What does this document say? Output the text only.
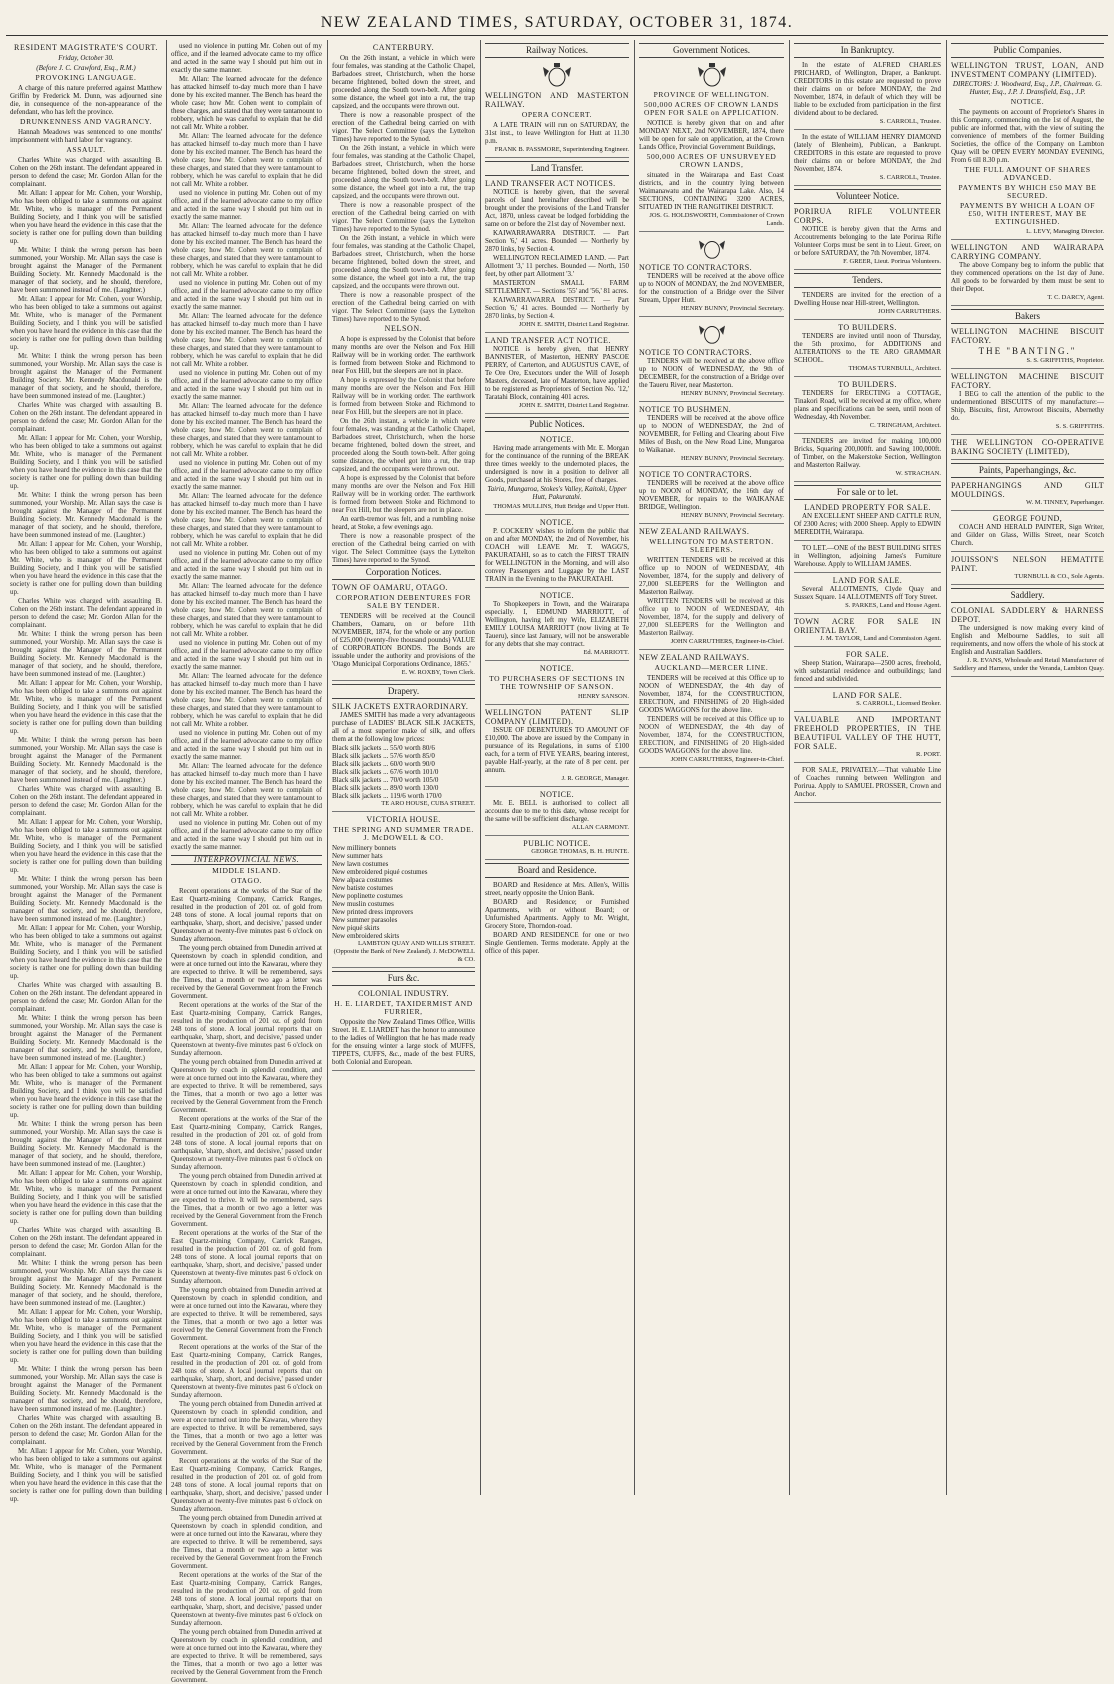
NEW ZEALAND TIMES, SATURDAY, OCTOBER 31, 1874.
RESIDENT MAGISTRATE'S COURT.
Friday, October 30.
(Before J. C. Crawford, Esq., R.M.)
PROVOKING LANGUAGE.

A charge of this nature preferred against Matthew Griffin by Frederick M. Dunn, was adjourned sine die, in consequence of the non-appearance of the defendant, who has left the province.

DRUNKENNESS AND VAGRANCY.

Hannah Meadows was sentenced to one months' imprisonment with hard labor for vagrancy.

ASSAULT.

Charles White was charged with assaulting B. Cohen on the 26th instant. The defendant appeared in person to defend the case; Mr. Gordon Allan for the complainant.

Mr. Allan: I appear for Mr. Cohen, your Worship, who has been obliged to take a summons out against Mr. White, who is manager of the Permanent Building Society, and I think you will be satisfied when you have heard the evidence in this case that the society is rather one for pulling down than building up.

Mr. White: I think the wrong person has been summoned, your Worship. Mr. Allan says the case is brought against the Manager of the Permanent Building Society. Mr. Kennedy Macdonald is the manager of that society, and he should, therefore, have been summoned instead of me. (Laughter.)

Mr. Allan: I appear for Mr. Cohen, your Worship, who has been obliged to take a summons out against Mr. White, who is manager of the Permanent Building Society, and I think you will be satisfied when you have heard the evidence in this case that the society is rather one for pulling down than building up.

Mr. White: I think the wrong person has been summoned, your Worship. Mr. Allan says the case is brought against the Manager of the Permanent Building Society. Mr. Kennedy Macdonald is the manager of that society, and he should, therefore, have been summoned instead of me. (Laughter.)

Charles White was charged with assaulting B. Cohen on the 26th instant. The defendant appeared in person to defend the case; Mr. Gordon Allan for the complainant.

Mr. Allan: I appear for Mr. Cohen, your Worship, who has been obliged to take a summons out against Mr. White, who is manager of the Permanent Building Society, and I think you will be satisfied when you have heard the evidence in this case that the society is rather one for pulling down than building up.

Mr. White: I think the wrong person has been summoned, your Worship. Mr. Allan says the case is brought against the Manager of the Permanent Building Society. Mr. Kennedy Macdonald is the manager of that society, and he should, therefore, have been summoned instead of me. (Laughter.)

Mr. Allan: I appear for Mr. Cohen, your Worship, who has been obliged to take a summons out against Mr. White, who is manager of the Permanent Building Society, and I think you will be satisfied when you have heard the evidence in this case that the society is rather one for pulling down than building up.

Charles White was charged with assaulting B. Cohen on the 26th instant. The defendant appeared in person to defend the case; Mr. Gordon Allan for the complainant.

Mr. White: I think the wrong person has been summoned, your Worship. Mr. Allan says the case is brought against the Manager of the Permanent Building Society. Mr. Kennedy Macdonald is the manager of that society, and he should, therefore, have been summoned instead of me. (Laughter.)

Mr. Allan: I appear for Mr. Cohen, your Worship, who has been obliged to take a summons out against Mr. White, who is manager of the Permanent Building Society, and I think you will be satisfied when you have heard the evidence in this case that the society is rather one for pulling down than building up.

Mr. White: I think the wrong person has been summoned, your Worship. Mr. Allan says the case is brought against the Manager of the Permanent Building Society. Mr. Kennedy Macdonald is the manager of that society, and he should, therefore, have been summoned instead of me. (Laughter.)

Charles White was charged with assaulting B. Cohen on the 26th instant. The defendant appeared in person to defend the case; Mr. Gordon Allan for the complainant.

Mr. Allan: I appear for Mr. Cohen, your Worship, who has been obliged to take a summons out against Mr. White, who is manager of the Permanent Building Society, and I think you will be satisfied when you have heard the evidence in this case that the society is rather one for pulling down than building up.

Mr. White: I think the wrong person has been summoned, your Worship. Mr. Allan says the case is brought against the Manager of the Permanent Building Society. Mr. Kennedy Macdonald is the manager of that society, and he should, therefore, have been summoned instead of me. (Laughter.)

Mr. Allan: I appear for Mr. Cohen, your Worship, who has been obliged to take a summons out against Mr. White, who is manager of the Permanent Building Society, and I think you will be satisfied when you have heard the evidence in this case that the society is rather one for pulling down than building up.

Charles White was charged with assaulting B. Cohen on the 26th instant. The defendant appeared in person to defend the case; Mr. Gordon Allan for the complainant.

Mr. White: I think the wrong person has been summoned, your Worship. Mr. Allan says the case is brought against the Manager of the Permanent Building Society. Mr. Kennedy Macdonald is the manager of that society, and he should, therefore, have been summoned instead of me. (Laughter.)

Mr. Allan: I appear for Mr. Cohen, your Worship, who has been obliged to take a summons out against Mr. White, who is manager of the Permanent Building Society, and I think you will be satisfied when you have heard the evidence in this case that the society is rather one for pulling down than building up.

Mr. White: I think the wrong person has been summoned, your Worship. Mr. Allan says the case is brought against the Manager of the Permanent Building Society. Mr. Kennedy Macdonald is the manager of that society, and he should, therefore, have been summoned instead of me. (Laughter.)

Mr. Allan: I appear for Mr. Cohen, your Worship, who has been obliged to take a summons out against Mr. White, who is manager of the Permanent Building Society, and I think you will be satisfied when you have heard the evidence in this case that the society is rather one for pulling down than building up.

Charles White was charged with assaulting B. Cohen on the 26th instant. The defendant appeared in person to defend the case; Mr. Gordon Allan for the complainant.

Mr. White: I think the wrong person has been summoned, your Worship. Mr. Allan says the case is brought against the Manager of the Permanent Building Society. Mr. Kennedy Macdonald is the manager of that society, and he should, therefore, have been summoned instead of me. (Laughter.)

Mr. Allan: I appear for Mr. Cohen, your Worship, who has been obliged to take a summons out against Mr. White, who is manager of the Permanent Building Society, and I think you will be satisfied when you have heard the evidence in this case that the society is rather one for pulling down than building up.

Mr. White: I think the wrong person has been summoned, your Worship. Mr. Allan says the case is brought against the Manager of the Permanent Building Society. Mr. Kennedy Macdonald is the manager of that society, and he should, therefore, have been summoned instead of me. (Laughter.)

Charles White was charged with assaulting B. Cohen on the 26th instant. The defendant appeared in person to defend the case; Mr. Gordon Allan for the complainant.

Mr. Allan: I appear for Mr. Cohen, your Worship, who has been obliged to take a summons out against Mr. White, who is manager of the Permanent Building Society, and I think you will be satisfied when you have heard the evidence in this case that the society is rather one for pulling down than building up.

used no violence in putting Mr. Cohen out of my office, and if the learned advocate came to my office and acted in the same way I should put him out in exactly the same manner.

Mr. Allan: The learned advocate for the defence has attacked himself to-day much more than I have done by his excited manner. The Bench has heard the whole case; how Mr. Cohen went to complain of these charges, and stated that they were tantamount to robbery, which he was careful to explain that he did not call Mr. White a robber.

Mr. Allan: The learned advocate for the defence has attacked himself to-day much more than I have done by his excited manner. The Bench has heard the whole case; how Mr. Cohen went to complain of these charges, and stated that they were tantamount to robbery, which he was careful to explain that he did not call Mr. White a robber.

used no violence in putting Mr. Cohen out of my office, and if the learned advocate came to my office and acted in the same way I should put him out in exactly the same manner.

Mr. Allan: The learned advocate for the defence has attacked himself to-day much more than I have done by his excited manner. The Bench has heard the whole case; how Mr. Cohen went to complain of these charges, and stated that they were tantamount to robbery, which he was careful to explain that he did not call Mr. White a robber.

used no violence in putting Mr. Cohen out of my office, and if the learned advocate came to my office and acted in the same way I should put him out in exactly the same manner.

Mr. Allan: The learned advocate for the defence has attacked himself to-day much more than I have done by his excited manner. The Bench has heard the whole case; how Mr. Cohen went to complain of these charges, and stated that they were tantamount to robbery, which he was careful to explain that he did not call Mr. White a robber.

used no violence in putting Mr. Cohen out of my office, and if the learned advocate came to my office and acted in the same way I should put him out in exactly the same manner.

Mr. Allan: The learned advocate for the defence has attacked himself to-day much more than I have done by his excited manner. The Bench has heard the whole case; how Mr. Cohen went to complain of these charges, and stated that they were tantamount to robbery, which he was careful to explain that he did not call Mr. White a robber.

used no violence in putting Mr. Cohen out of my office, and if the learned advocate came to my office and acted in the same way I should put him out in exactly the same manner.

Mr. Allan: The learned advocate for the defence has attacked himself to-day much more than I have done by his excited manner. The Bench has heard the whole case; how Mr. Cohen went to complain of these charges, and stated that they were tantamount to robbery, which he was careful to explain that he did not call Mr. White a robber.

used no violence in putting Mr. Cohen out of my office, and if the learned advocate came to my office and acted in the same way I should put him out in exactly the same manner.

Mr. Allan: The learned advocate for the defence has attacked himself to-day much more than I have done by his excited manner. The Bench has heard the whole case; how Mr. Cohen went to complain of these charges, and stated that they were tantamount to robbery, which he was careful to explain that he did not call Mr. White a robber.

used no violence in putting Mr. Cohen out of my office, and if the learned advocate came to my office and acted in the same way I should put him out in exactly the same manner.

Mr. Allan: The learned advocate for the defence has attacked himself to-day much more than I have done by his excited manner. The Bench has heard the whole case; how Mr. Cohen went to complain of these charges, and stated that they were tantamount to robbery, which he was careful to explain that he did not call Mr. White a robber.

used no violence in putting Mr. Cohen out of my office, and if the learned advocate came to my office and acted in the same way I should put him out in exactly the same manner.

Mr. Allan: The learned advocate for the defence has attacked himself to-day much more than I have done by his excited manner. The Bench has heard the whole case; how Mr. Cohen went to complain of these charges, and stated that they were tantamount to robbery, which he was careful to explain that he did not call Mr. White a robber.

used no violence in putting Mr. Cohen out of my office, and if the learned advocate came to my office and acted in the same way I should put him out in exactly the same manner.

INTERPROVINCIAL NEWS.
MIDDLE ISLAND.
OTAGO.

Recent operations at the works of the Star of the East Quartz-mining Company, Carrick Ranges, resulted in the production of 201 oz. of gold from 248 tons of stone. A local journal reports that on earthquake, 'sharp, short, and decisive,' passed under Queenstown at twenty-five minutes past 6 o'clock on Sunday afternoon.

The young perch obtained from Dunedin arrived at Queenstown by coach in splendid condition, and were at once turned out into the Kawarau, where they are expected to thrive. It will be remembered, says the Times, that a month or two ago a letter was received by the General Government from the French Government.

Recent operations at the works of the Star of the East Quartz-mining Company, Carrick Ranges, resulted in the production of 201 oz. of gold from 248 tons of stone. A local journal reports that on earthquake, 'sharp, short, and decisive,' passed under Queenstown at twenty-five minutes past 6 o'clock on Sunday afternoon.

The young perch obtained from Dunedin arrived at Queenstown by coach in splendid condition, and were at once turned out into the Kawarau, where they are expected to thrive. It will be remembered, says the Times, that a month or two ago a letter was received by the General Government from the French Government.

Recent operations at the works of the Star of the East Quartz-mining Company, Carrick Ranges, resulted in the production of 201 oz. of gold from 248 tons of stone. A local journal reports that on earthquake, 'sharp, short, and decisive,' passed under Queenstown at twenty-five minutes past 6 o'clock on Sunday afternoon.

The young perch obtained from Dunedin arrived at Queenstown by coach in splendid condition, and were at once turned out into the Kawarau, where they are expected to thrive. It will be remembered, says the Times, that a month or two ago a letter was received by the General Government from the French Government.

Recent operations at the works of the Star of the East Quartz-mining Company, Carrick Ranges, resulted in the production of 201 oz. of gold from 248 tons of stone. A local journal reports that on earthquake, 'sharp, short, and decisive,' passed under Queenstown at twenty-five minutes past 6 o'clock on Sunday afternoon.

The young perch obtained from Dunedin arrived at Queenstown by coach in splendid condition, and were at once turned out into the Kawarau, where they are expected to thrive. It will be remembered, says the Times, that a month or two ago a letter was received by the General Government from the French Government.

Recent operations at the works of the Star of the East Quartz-mining Company, Carrick Ranges, resulted in the production of 201 oz. of gold from 248 tons of stone. A local journal reports that on earthquake, 'sharp, short, and decisive,' passed under Queenstown at twenty-five minutes past 6 o'clock on Sunday afternoon.

The young perch obtained from Dunedin arrived at Queenstown by coach in splendid condition, and were at once turned out into the Kawarau, where they are expected to thrive. It will be remembered, says the Times, that a month or two ago a letter was received by the General Government from the French Government.

Recent operations at the works of the Star of the East Quartz-mining Company, Carrick Ranges, resulted in the production of 201 oz. of gold from 248 tons of stone. A local journal reports that on earthquake, 'sharp, short, and decisive,' passed under Queenstown at twenty-five minutes past 6 o'clock on Sunday afternoon.

The young perch obtained from Dunedin arrived at Queenstown by coach in splendid condition, and were at once turned out into the Kawarau, where they are expected to thrive. It will be remembered, says the Times, that a month or two ago a letter was received by the General Government from the French Government.

Recent operations at the works of the Star of the East Quartz-mining Company, Carrick Ranges, resulted in the production of 201 oz. of gold from 248 tons of stone. A local journal reports that on earthquake, 'sharp, short, and decisive,' passed under Queenstown at twenty-five minutes past 6 o'clock on Sunday afternoon.

The young perch obtained from Dunedin arrived at Queenstown by coach in splendid condition, and were at once turned out into the Kawarau, where they are expected to thrive. It will be remembered, says the Times, that a month or two ago a letter was received by the General Government from the French Government.

CANTERBURY.

On the 26th instant, a vehicle in which were four females, was standing at the Catholic Chapel, Barbadoes street, Christchurch, when the horse became frightened, bolted down the street, and proceeded along the South town-belt. After going some distance, the wheel got into a rut, the trap capsized, and the occupants were thrown out.

There is now a reasonable prospect of the erection of the Cathedral being carried on with vigor. The Select Committee (says the Lyttelton Times) have reported to the Synod.

On the 26th instant, a vehicle in which were four females, was standing at the Catholic Chapel, Barbadoes street, Christchurch, when the horse became frightened, bolted down the street, and proceeded along the South town-belt. After going some distance, the wheel got into a rut, the trap capsized, and the occupants were thrown out.

There is now a reasonable prospect of the erection of the Cathedral being carried on with vigor. The Select Committee (says the Lyttelton Times) have reported to the Synod.

On the 26th instant, a vehicle in which were four females, was standing at the Catholic Chapel, Barbadoes street, Christchurch, when the horse became frightened, bolted down the street, and proceeded along the South town-belt. After going some distance, the wheel got into a rut, the trap capsized, and the occupants were thrown out.

There is now a reasonable prospect of the erection of the Cathedral being carried on with vigor. The Select Committee (says the Lyttelton Times) have reported to the Synod.

NELSON.

A hope is expressed by the Colonist that before many months are over the Nelson and Fox Hill Railway will be in working order. The earthwork is formed from between Stoke and Richmond to near Fox Hill, but the sleepers are not in place.

A hope is expressed by the Colonist that before many months are over the Nelson and Fox Hill Railway will be in working order. The earthwork is formed from between Stoke and Richmond to near Fox Hill, but the sleepers are not in place.

On the 26th instant, a vehicle in which were four females, was standing at the Catholic Chapel, Barbadoes street, Christchurch, when the horse became frightened, bolted down the street, and proceeded along the South town-belt. After going some distance, the wheel got into a rut, the trap capsized, and the occupants were thrown out.

A hope is expressed by the Colonist that before many months are over the Nelson and Fox Hill Railway will be in working order. The earthwork is formed from between Stoke and Richmond to near Fox Hill, but the sleepers are not in place.

An earth-tremor was felt, and a rumbling noise heard, at Stoke, a few evenings ago.

There is now a reasonable prospect of the erection of the Cathedral being carried on with vigor. The Select Committee (says the Lyttelton Times) have reported to the Synod.

Corporation Notices.
TOWN OF OAMARU, OTAGO.
CORPORATION DEBENTURES FOR SALE BY TENDER.

TENDERS will be received at the Council Chambers, Oamaru, on or before 11th NOVEMBER, 1874, for the whole or any portion of £25,000 (twenty-five thousand pounds) VALUE of CORPORATION BONDS. The Bonds are issuable under the authority and provisions of the 'Otago Municipal Corporations Ordinance, 1865.'

E. W. ROXBY, Town Clerk.
Drapery.
SILK JACKETS EXTRAORDINARY.

JAMES SMITH has made a very advantageous purchase of LADIES' BLACK SILK JACKETS, all of a most superior make of silk, and offers them at the following low prices:

Black silk jackets ... 55/0 worth 80/6
Black silk jackets ... 57/6 worth 85/0
Black silk jackets ... 60/0 worth 90/0
Black silk jackets ... 67/6 worth 101/0
Black silk jackets ... 70/0 worth 105/0
Black silk jackets ... 89/0 worth 130/0
Black silk jackets ... 119/6 worth 170/0
TE ARO HOUSE, CUBA STREET.
VICTORIA HOUSE.
THE SPRING AND SUMMER TRADE. J. McDOWELL & CO.
New millinery bonnets
New summer hats
New lawn costumes
New embroidered piqué costumes
New alpaca costumes
New batiste costumes
New poplinette costumes
New muslin costumes
New printed dress improvers
New summer parasoles
New piqué skirts
New embroidered skirts
LAMBTON QUAY AND WILLIS STREET. (Opposite the Bank of New Zealand). J. McDOWELL & CO.
Furs &c.
COLONIAL INDUSTRY.
H. E. LIARDET, TAXIDERMIST AND FURRIER,

Opposite the New Zealand Times Office, Willis Street. H. E. LIARDET has the honor to announce to the ladies of Wellington that he has made ready for the ensuing winter a large stock of MUFFS, TIPPETS, CUFFS, &c., made of the best FURS, both Colonial and European.

Railway Notices.
WELLINGTON AND MASTERTON RAILWAY.
OPERA CONCERT.

A LATE TRAIN will run on SATURDAY, the 31st inst., to leave Wellington for Hutt at 11.30 p.m.

FRANK B. PASSMORE, Superintending Engineer.
Land Transfer.
LAND TRANSFER ACT NOTICES.

NOTICE is hereby given, that the several parcels of land hereinafter described will be brought under the provisions of the Land Transfer Act, 1870, unless caveat be lodged forbidding the same on or before the 21st day of November next.

KAIWARRAWARRA DISTRICT. — Part Section '6,' 41 acres. Bounded — Northerly by 2870 links, by Section 4.

WELLINGTON RECLAIMED LAND. — Part Allotment '3,' 11 perches. Bounded — North, 150 feet, by other part Allotment '3.'

MASTERTON SMALL FARM SETTLEMENT. — Sections '55' and '56,' 81 acres.

KAIWARRAWARRA DISTRICT. — Part Section '6,' 41 acres. Bounded — Northerly by 2870 links, by Section 4.

JOHN E. SMITH, District Land Registrar.
LAND TRANSFER ACT NOTICE.

NOTICE is hereby given, that HENRY BANNISTER, of Masterton, HENRY PASCOE PERRY, of Carterton, and AUGUSTUS CAVE, of Te Ore Ore, Executors under the Will of Joseph Masters, deceased, late of Masterton, have applied to be registered as Proprietors of Section No. '12,' Taratahi Block, containing 401 acres.

JOHN E. SMITH, District Land Registrar.
Public Notices.
NOTICE.

Having made arrangements with Mr. E. Morgan for the continuance of the running of the BREAK three times weekly to the undernoted places, the undersigned is now in a position to deliver all Goods, purchased at his Stores, free of charges.

Tairia, Mungaroa, Stokes's Valley, Kaitoki, Upper Hutt, Pakuratahi.
THOMAS MULLINS, Hutt Bridge and Upper Hutt.
NOTICE.

P. COCKERY wishes to inform the public that on and after MONDAY, the 2nd of November, his COACH will LEAVE Mr. T. WAGG'S, PAKURATAHI, so as to catch the FIRST TRAIN for WELLINGTON in the Morning, and will also convey Passengers and Luggage by the LAST TRAIN in the Evening to the PAKURATAHI.

NOTICE.

To Shopkeepers in Town, and the Wairarapa especially. I, EDMUND MARRIOTT, of Wellington, having left my Wife, ELIZABETH EMILY LOUISA MARRIOTT (now living at Te Taueru), since last January, will not be answerable for any debts that she may contract.

Ed. MARRIOTT.
NOTICE.
TO PURCHASERS OF SECTIONS IN THE TOWNSHIP OF SANSON.
HENRY SANSON.
WELLINGTON PATENT SLIP COMPANY (LIMITED).

ISSUE OF DEBENTURES TO AMOUNT OF £10,000. The above are issued by the Company in pursuance of its Regulations, in sums of £100 each, for a term of FIVE YEARS, bearing interest, payable Half-yearly, at the rate of 8 per cent. per annum.

J. R. GEORGE, Manager.
NOTICE.

Mr. E. BELL is authorised to collect all accounts due to me to this date, whose receipt for the same will be sufficient discharge.

ALLAN CARMONT.
PUBLIC NOTICE.
GEORGE THOMAS, B. H. HUNTE.
Board and Residence.

BOARD and Residence at Mrs. Allen's, Willis street, nearly opposite the Union Bank.

BOARD and Residence; or Furnished Apartments, with or without Board; or Unfurnished Apartments. Apply to Mr. Wright, Grocery Store, Thorndon-road.

BOARD AND RESIDENCE for one or two Single Gentlemen. Terms moderate. Apply at the office of this paper.

Government Notices.
PROVINCE OF WELLINGTON.
500,000 ACRES OF CROWN LANDS OPEN FOR SALE on APPLICATION.

NOTICE is hereby given that on and after MONDAY NEXT, 2nd NOVEMBER, 1874, there will be open for sale on application, at the Crown Lands Office, Provincial Government Buildings,

500,000 ACRES OF UNSURVEYED CROWN LANDS,

situated in the Wairarapa and East Coast districts, and in the country lying between Waimanawatu and the Wairarapa Lake. Also, 14 SECTIONS, CONTAINING 3200 ACRES, SITUATED IN THE RANGITIKEI DISTRICT.

JOS. G. HOLDSWORTH, Commissioner of Crown Lands.
NOTICE TO CONTRACTORS.

TENDERS will be received at the above office up to NOON of MONDAY, the 2nd NOVEMBER, for the construction of a Bridge over the Silver Stream, Upper Hutt.

HENRY BUNNY, Provincial Secretary.
NOTICE TO CONTRACTORS.

TENDERS will be received at the above office up to NOON of WEDNESDAY, the 9th of DECEMBER, for the construction of a Bridge over the Taueru River, near Masterton.

HENRY BUNNY, Provincial Secretary.
NOTICE TO BUSHMEN.

TENDERS will be received at the above office up to NOON of WEDNESDAY, the 2nd of NOVEMBER, for Felling and Clearing about Five Miles of Bush, on the New Road Line, Mungaroa to Waikanae.

HENRY BUNNY, Provincial Secretary.
NOTICE TO CONTRACTORS.

TENDERS will be received at the above office up to NOON of MONDAY, the 16th day of NOVEMBER, for repairs to the WAIKANAE BRIDGE, Wellington.

HENRY BUNNY, Provincial Secretary.
NEW ZEALAND RAILWAYS.
WELLINGTON TO MASTERTON. SLEEPERS.

WRITTEN TENDERS will be received at this office up to NOON of WEDNESDAY, 4th November, 1874, for the supply and delivery of 27,000 SLEEPERS for the Wellington and Masterton Railway.

WRITTEN TENDERS will be received at this office up to NOON of WEDNESDAY, 4th November, 1874, for the supply and delivery of 27,000 SLEEPERS for the Wellington and Masterton Railway.

JOHN CARRUTHERS, Engineer-in-Chief.
NEW ZEALAND RAILWAYS.
AUCKLAND—MERCER LINE.

TENDERS will be received at this Office up to NOON of WEDNESDAY, the 4th day of November, 1874, for the CONSTRUCTION, ERECTION, and FINISHING of 20 High-sided GOODS WAGGONS for the above line.

TENDERS will be received at this Office up to NOON of WEDNESDAY, the 4th day of November, 1874, for the CONSTRUCTION, ERECTION, and FINISHING of 20 High-sided GOODS WAGGONS for the above line.

JOHN CARRUTHERS, Engineer-in-Chief.
In Bankruptcy.

In the estate of ALFRED CHARLES PRICHARD, of Wellington, Draper, a Bankrupt. CREDITORS in this estate are requested to prove their claims on or before MONDAY, the 2nd November, 1874, in default of which they will be liable to be excluded from participation in the first dividend about to be declared.

S. CARROLL, Trustee.

In the estate of WILLIAM HENRY DIAMOND (lately of Blenheim), Publican, a Bankrupt. CREDITORS in this estate are requested to prove their claims on or before MONDAY, the 2nd November, 1874.

S. CARROLL, Trustee.
Volunteer Notice.
PORIRUA RIFLE VOLUNTEER CORPS.

NOTICE is hereby given that the Arms and Accoutrements belonging to the late Porirua Rifle Volunteer Corps must be sent in to Lieut. Greer, on or before SATURDAY, the 7th November, 1874.

F. GREER, Lieut. Porirua Volunteers.
Tenders.

TENDERS are invited for the erection of a Dwelling House near Hill-street, Wellington.

JOHN CARRUTHERS.
TO BUILDERS.

TENDERS are invited until noon of Thursday, the 5th proximo, for ADDITIONS and ALTERATIONS to the TE ARO GRAMMAR SCHOOL.

THOMAS TURNBULL, Architect.
TO BUILDERS.

TENDERS for ERECTING a COTTAGE, Tinakori Road, will be received at my office, where plans and specifications can be seen, until noon of Wednesday, 4th November.

C. TRINGHAM, Architect.

TENDERS are invited for making 100,000 Bricks, Squaring 200,000ft. and Sawing 100,000ft. of Timber, on the Makerstoke Section, Wellington and Masterton Railway.

W. STRACHAN.
For sale or to let.
LANDED PROPERTY FOR SALE.

AN EXCELLENT SHEEP AND CATTLE RUN, Of 2300 Acres; with 2000 Sheep. Apply to EDWIN MEREDITH, Wairarapa.

TO LET.—ONE of the BEST BUILDING SITES in Wellington, adjoining James's Furniture Warehouse. Apply to WILLIAM JAMES.

LAND FOR SALE.

Several ALLOTMENTS, Clyde Quay and Sussex Square. 14 ALLOTMENTS off Tory Street.

S. PARKES, Land and House Agent.
TOWN ACRE FOR SALE IN ORIENTAL BAY.
J. M. TAYLOR, Land and Commission Agent.
FOR SALE.

Sheep Station, Wairarapa—2500 acres, freehold, with substantial residence and outbuildings; land fenced and subdivided.

LAND FOR SALE.
S. CARROLL, Licensed Broker.
VALUABLE AND IMPORTANT FREEHOLD PROPERTIES, IN THE BEAUTIFUL VALLEY OF THE HUTT, FOR SALE.
R. PORT.

FOR SALE, PRIVATELY.—That valuable Line of Coaches running between Wellington and Porirua. Apply to SAMUEL PROSSER, Crown and Anchor.

Public Companies.
WELLINGTON TRUST, LOAN, AND INVESTMENT COMPANY (LIMITED).
DIRECTORS: J. Woodward, Esq., J.P., Chairman. G. Hunter, Esq., J.P. J. Dransfield, Esq., J.P.
NOTICE.

The payments on account of Proprietor's Shares in this Company, commencing on the 1st of August, the public are informed that, with the view of suiting the convenience of members of the former Building Societies, the office of the Company on Lambton Quay will be OPEN EVERY MONDAY EVENING, From 6 till 8.30 p.m.

THE FULL AMOUNT OF SHARES ADVANCED.
PAYMENTS BY WHICH £50 MAY BE SECURED.
PAYMENTS BY WHICH A LOAN OF £50, WITH INTEREST, MAY BE EXTINGUISHED.
L. LEVY, Managing Director.
WELLINGTON AND WAIRARAPA CARRYING COMPANY.

The above Company beg to inform the public that they commenced operations on the 1st day of June. All goods to be forwarded by them must be sent to their Depot.

T. C. DARCY, Agent.
Bakers
WELLINGTON MACHINE BISCUIT FACTORY.
THE "BANTING."
S. S. GRIFFITHS, Proprietor.
WELLINGTON MACHINE BISCUIT FACTORY.

I BEG to call the attention of the public to the undermentioned BISCUITS of my manufacture:— Ship, Biscuits, first, Arrowroot Biscuits, Abernethy do.

S. S. GRIFFITHS.
THE WELLINGTON CO-OPERATIVE BAKING SOCIETY (LIMITED),
Paints, Paperhangings, &c.
PAPERHANGINGS AND GILT MOULDINGS.
W. M. TINNEY, Paperhanger.
GEORGE FOUND,

COACH AND HERALD PAINTER, Sign Writer, and Gilder on Glass, Willis Street, near Scotch Church.

JOUISSON'S NELSON HEMATITE PAINT.
TURNBULL & CO., Sole Agents.
Saddlery.
COLONIAL SADDLERY & HARNESS DEPOT.

The undersigned is now making every kind of English and Melbourne Saddles, to suit all requirements, and now offers the whole of his stock at English and Australian Saddlers.

J. R. EVANS, Wholesale and Retail Manufacturer of Saddlery and Harness, under the Veranda, Lambton Quay.
